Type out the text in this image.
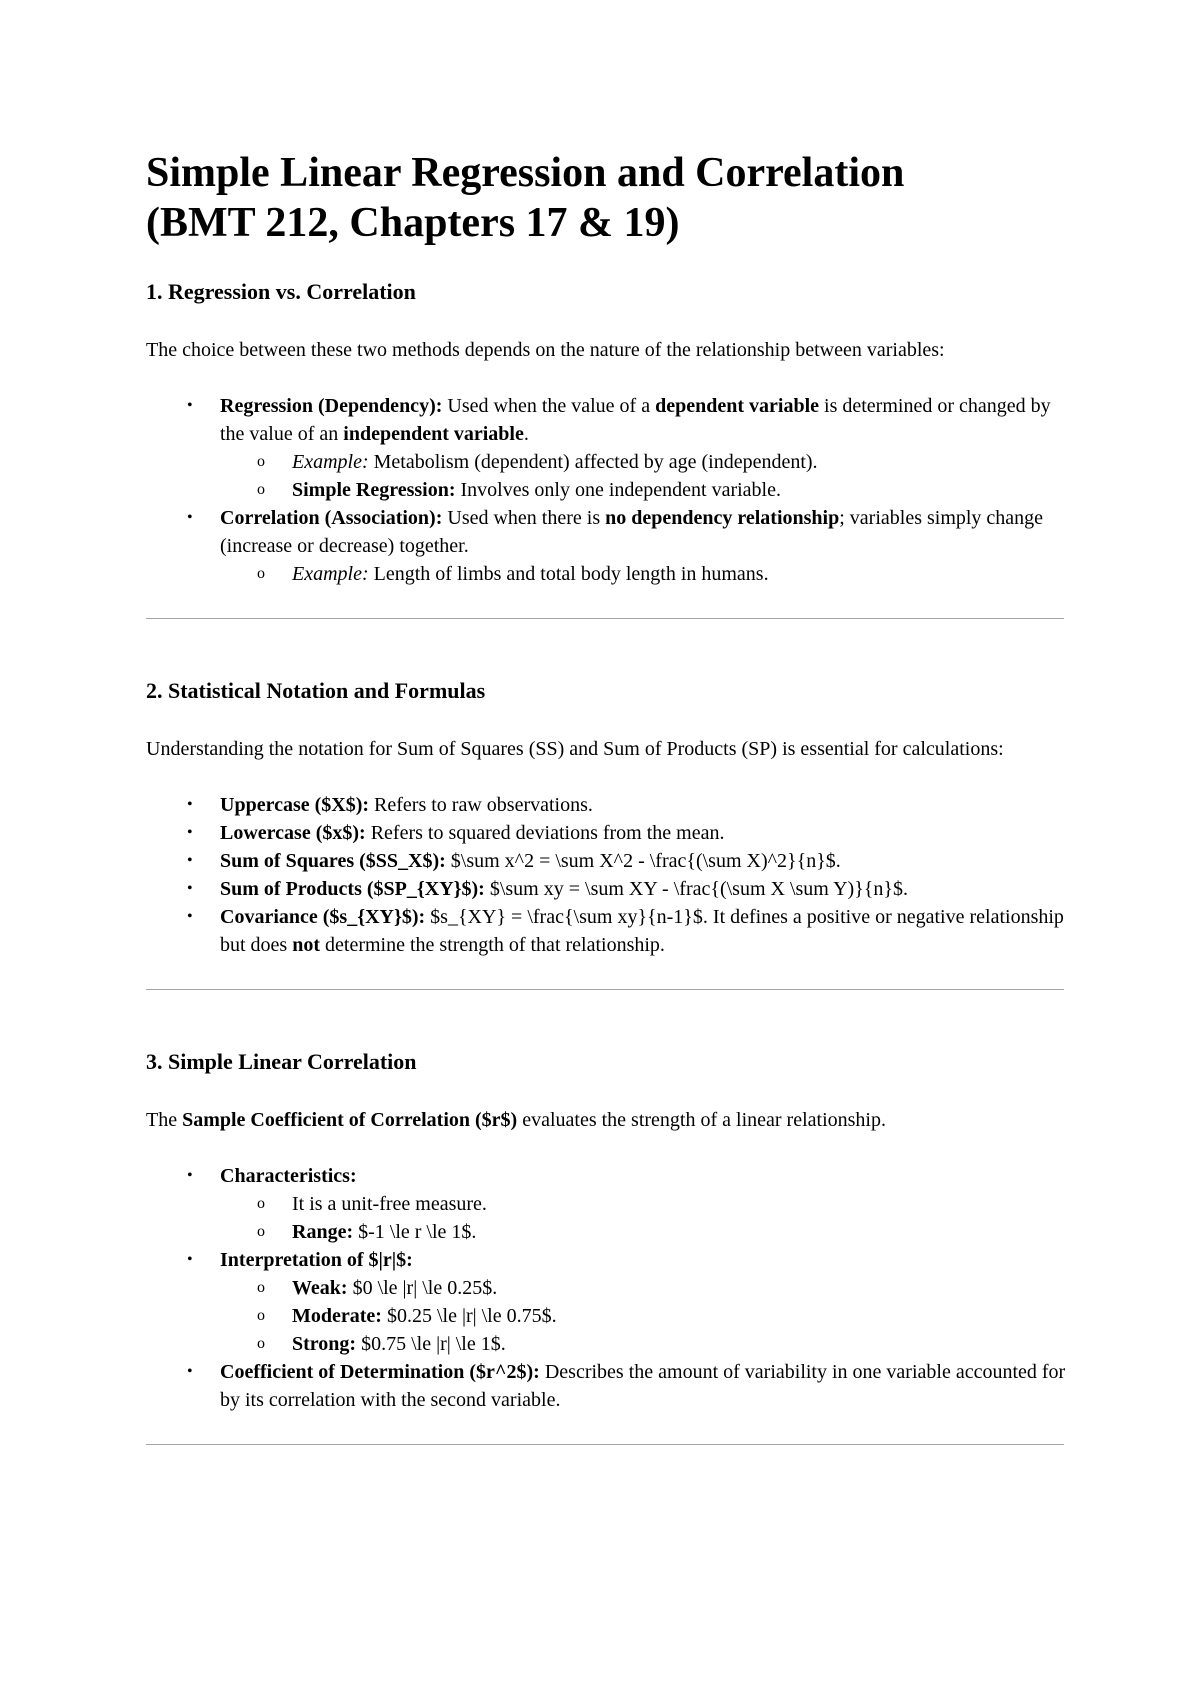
Simple Linear Regression and Correlation
(BMT 212, Chapters 17 & 19)
1. Regression vs. Correlation

The choice between these two methods depends on the nature of the relationship between variables:

• Regression (Dependency): Used when the value of a dependent variable is determined or changed by the value of an independent variable.
o Example: Metabolism (dependent) affected by age (independent).
o Simple Regression: Involves only one independent variable.
• Correlation (Association): Used when there is no dependency relationship; variables simply change (increase or decrease) together.
o Example: Length of limbs and total body length in humans.
2. Statistical Notation and Formulas

Understanding the notation for Sum of Squares (SS) and Sum of Products (SP) is essential for calculations:

• Uppercase ($X$): Refers to raw observations.
• Lowercase ($x$): Refers to squared deviations from the mean.
• Sum of Squares ($SS_X$): $\sum x^2 = \sum X^2 - \frac{(\sum X)^2}{n}$.
• Sum of Products ($SP_{XY}$): $\sum xy = \sum XY - \frac{(\sum X \sum Y)}{n}$.
• Covariance ($s_{XY}$): $s_{XY} = \frac{\sum xy}{n-1}$. It defines a positive or negative relationship but does not determine the strength of that relationship.
3. Simple Linear Correlation

The Sample Coefficient of Correlation ($r$) evaluates the strength of a linear relationship.

• Characteristics:
o It is a unit-free measure.
o Range: $-1 \le r \le 1$.
• Interpretation of $|r|$:
o Weak: $0 \le |r| \le 0.25$.
o Moderate: $0.25 \le |r| \le 0.75$.
o Strong: $0.75 \le |r| \le 1$.
• Coefficient of Determination ($r^2$): Describes the amount of variability in one variable accounted for by its correlation with the second variable.
